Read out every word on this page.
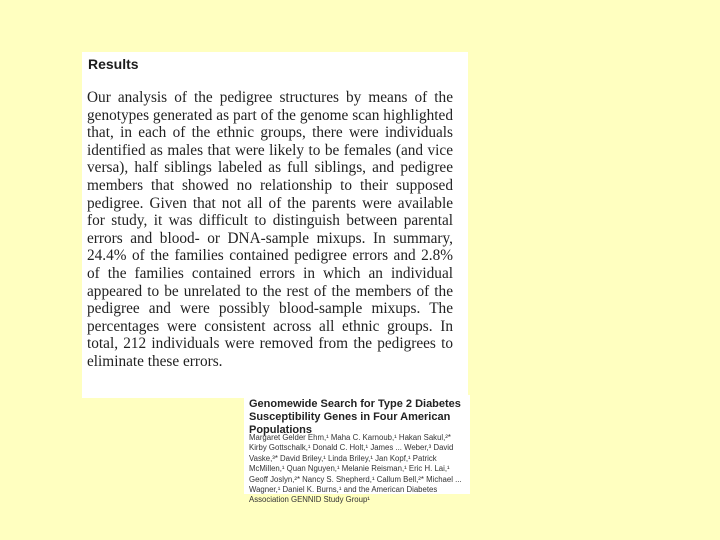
Results

Our analysis of the pedigree structures by means of the genotypes generated as part of the genome scan highlighted that, in each of the ethnic groups, there were individuals identified as males that were likely to be females (and vice versa), half siblings labeled as full siblings, and pedigree members that showed no relationship to their supposed pedigree. Given that not all of the parents were available for study, it was difficult to distinguish between parental errors and blood- or DNA-sample mixups. In summary, 24.4% of the families contained pedigree errors and 2.8% of the families contained errors in which an individual appeared to be unrelated to the rest of the members of the pedigree and were possibly blood-sample mixups. The percentages were consistent across all ethnic groups. In total, 212 individuals were removed from the pedigrees to eliminate these errors.

Genomewide Search for Type 2 Diabetes Susceptibility Genes in Four American Populations

Margaret Gelder Ehm,¹ Maha C. Karnoub,¹ Hakan Sakul,²* Kirby Gottschalk,¹ Donald C. Holt,¹ James ... Weber,³ David Vaske,³* David Briley,¹ Linda Briley,¹ Jan Kopf,¹ Patrick McMillen,¹ Quan Nguyen,¹ Melanie Reisman,¹ Eric H. Lai,¹ Geoff Joslyn,²* Nancy S. Shepherd,¹ Callum Bell,²* Michael ... Wagner,¹ Daniel K. Burns,¹ and the American Diabetes Association GENNID Study Group¹
